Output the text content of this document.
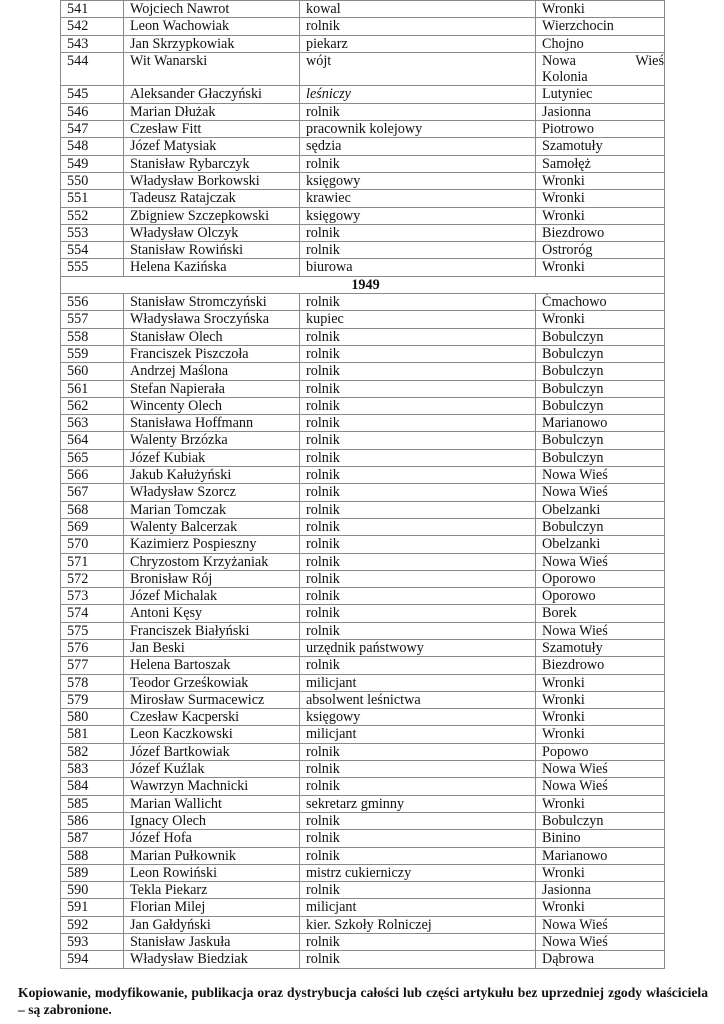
541	Wojciech Nawrot	kowal	Wronki
542	Leon Wachowiak	rolnik	Wierzchocin
543	Jan Skrzypkowiak	piekarz	Chojno
544	Wit Wanarski	wójt	Nowa Wieś
Kolonia
545	Aleksander Głaczyński	leśniczy	Lutyniec
546	Marian Dłużak	rolnik	Jasionna
547	Czesław Fitt	pracownik kolejowy	Piotrowo
548	Józef Matysiak	sędzia	Szamotuły
549	Stanisław Rybarczyk	rolnik	Samołęż
550	Władysław Borkowski	księgowy	Wronki
551	Tadeusz Ratajczak	krawiec	Wronki
552	Zbigniew Szczepkowski	księgowy	Wronki
553	Władysław Olczyk	rolnik	Biezdrowo
554	Stanisław Rowiński	rolnik	Ostroróg
555	Helena Kazińska	biurowa	Wronki
1949			
556	Stanisław Stromczyński	rolnik	Ćmachowo
557	Władysława Sroczyńska	kupiec	Wronki
558	Stanisław Olech	rolnik	Bobulczyn
559	Franciszek Piszczoła	rolnik	Bobulczyn
560	Andrzej Maślona	rolnik	Bobulczyn
561	Stefan Napierała	rolnik	Bobulczyn
562	Wincenty Olech	rolnik	Bobulczyn
563	Stanisława Hoffmann	rolnik	Marianowo
564	Walenty Brzózka	rolnik	Bobulczyn
565	Józef Kubiak	rolnik	Bobulczyn
566	Jakub Kałużyński	rolnik	Nowa Wieś
567	Władysław Szorcz	rolnik	Nowa Wieś
568	Marian Tomczak	rolnik	Obelzanki
569	Walenty Balcerzak	rolnik	Bobulczyn
570	Kazimierz Pospieszny	rolnik	Obelzanki
571	Chryzostom Krzyżaniak	rolnik	Nowa Wieś
572	Bronisław Rój	rolnik	Oporowo
573	Józef Michalak	rolnik	Oporowo
574	Antoni Kęsy	rolnik	Borek
575	Franciszek Białyński	rolnik	Nowa Wieś
576	Jan Beski	urzędnik państwowy	Szamotuły
577	Helena Bartoszak	rolnik	Biezdrowo
578	Teodor Grześkowiak	milicjant	Wronki
579	Mirosław Surmacewicz	absolwent leśnictwa	Wronki
580	Czesław Kacperski	księgowy	Wronki
581	Leon Kaczkowski	milicjant	Wronki
582	Józef Bartkowiak	rolnik	Popowo
583	Józef Kuźlak	rolnik	Nowa Wieś
584	Wawrzyn Machnicki	rolnik	Nowa Wieś
585	Marian Wallicht	sekretarz gminny	Wronki
586	Ignacy Olech	rolnik	Bobulczyn
587	Józef Hofa	rolnik	Binino
588	Marian Pułkownik	rolnik	Marianowo
589	Leon Rowiński	mistrz cukierniczy	Wronki
590	Tekla Piekarz	rolnik	Jasionna
591	Florian Milej	milicjant	Wronki
592	Jan Gałdyński	kier. Szkoły Rolniczej	Nowa Wieś
593	Stanisław Jaskuła	rolnik	Nowa Wieś
594	Władysław Biedziak	rolnik	Dąbrowa
Kopiowanie, modyfikowanie, publikacja oraz dystrybucja całości lub części artykułu bez uprzedniej zgody właściciela – są zabronione.
